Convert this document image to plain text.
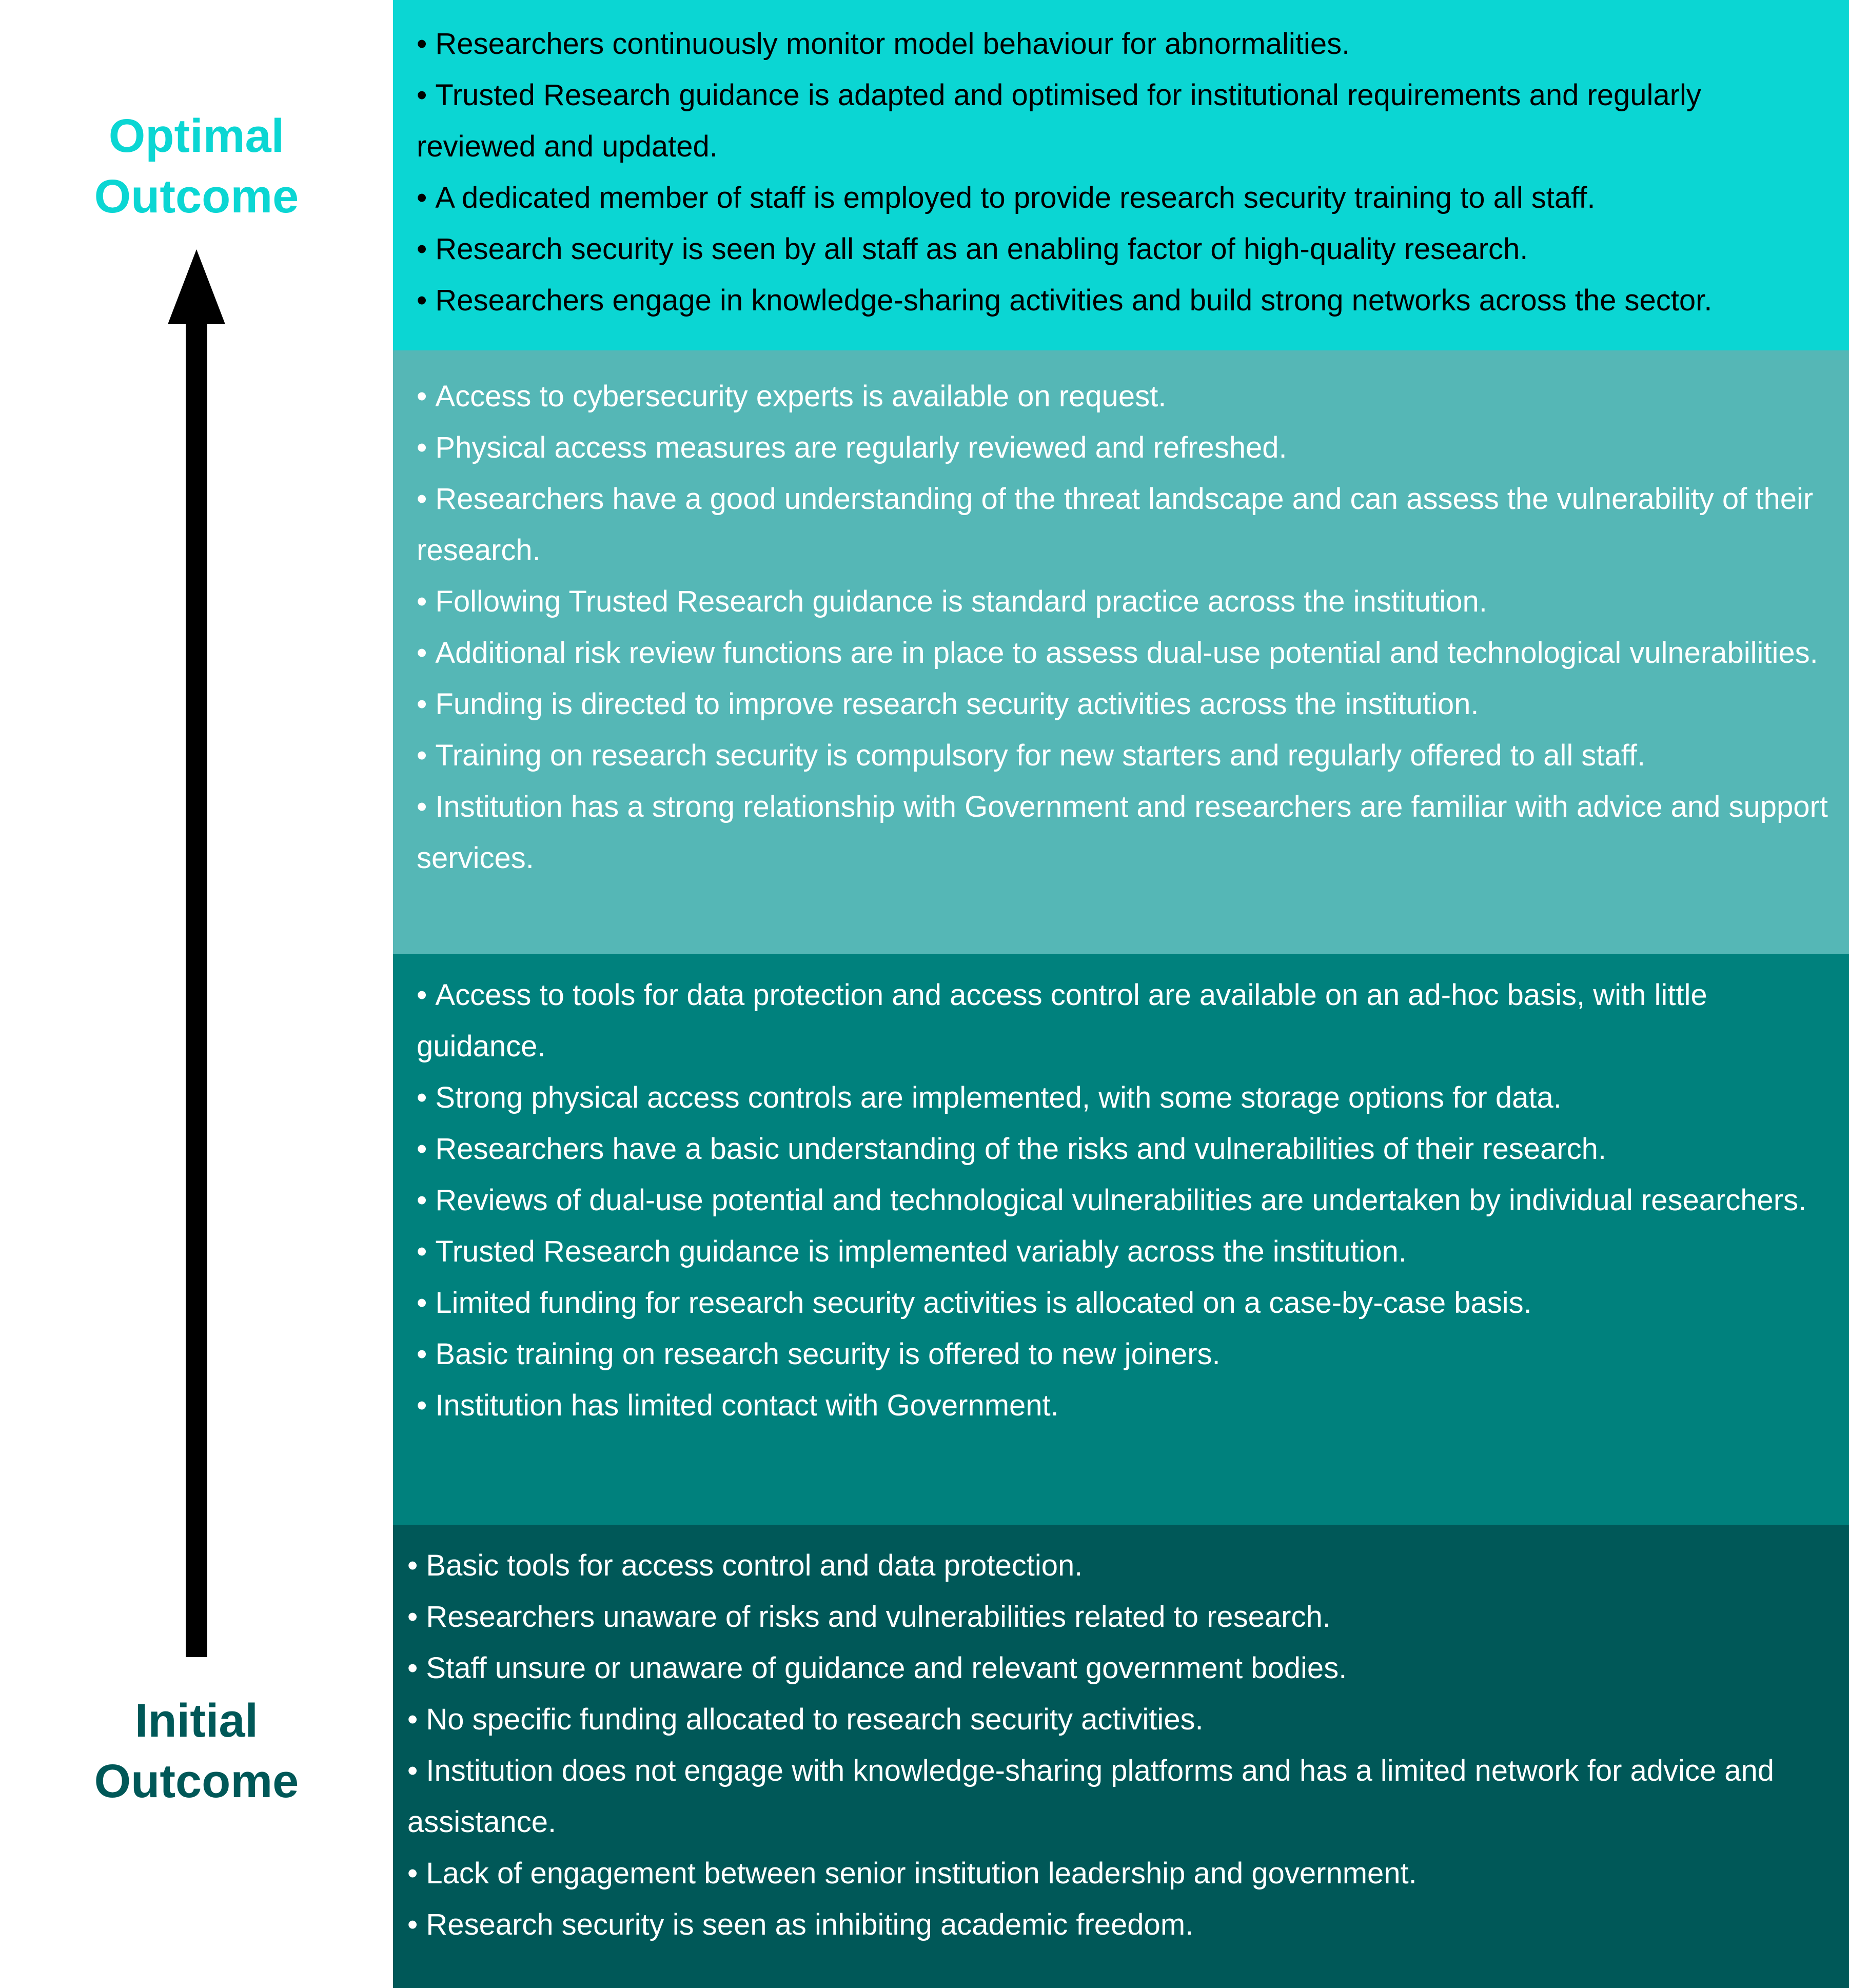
Optimal
Outcome
Initial
Outcome
• Researchers continuously monitor model behaviour for abnormalities.
• Trusted Research guidance is adapted and optimised for institutional requirements and regularly reviewed and updated.
• A dedicated member of staff is employed to provide research security training to all staff.
• Research security is seen by all staff as an enabling factor of high-quality research.
• Researchers engage in knowledge-sharing activities and build strong networks across the sector.
• Access to cybersecurity experts is available on request.
• Physical access measures are regularly reviewed and refreshed.
• Researchers have a good understanding of the threat landscape and can assess the vulnerability of their research.
• Following Trusted Research guidance is standard practice across the institution.
• Additional risk review functions are in place to assess dual-use potential and technological vulnerabilities.
• Funding is directed to improve research security activities across the institution.
• Training on research security is compulsory for new starters and regularly offered to all staff.
• Institution has a strong relationship with Government and researchers are familiar with advice and support services.
• Access to tools for data protection and access control are available on an ad-hoc basis, with little guidance.
• Strong physical access controls are implemented, with some storage options for data.
• Researchers have a basic understanding of the risks and vulnerabilities of their research.
• Reviews of dual-use potential and technological vulnerabilities are undertaken by individual researchers.
• Trusted Research guidance is implemented variably across the institution.
• Limited funding for research security activities is allocated on a case-by-case basis.
• Basic training on research security is offered to new joiners.
• Institution has limited contact with Government.
• Basic tools for access control and data protection.
• Researchers unaware of risks and vulnerabilities related to research.
• Staff unsure or unaware of guidance and relevant government bodies.
• No specific funding allocated to research security activities.
• Institution does not engage with knowledge-sharing platforms and has a limited network for advice and assistance.
• Lack of engagement between senior institution leadership and government.
• Research security is seen as inhibiting academic freedom.
